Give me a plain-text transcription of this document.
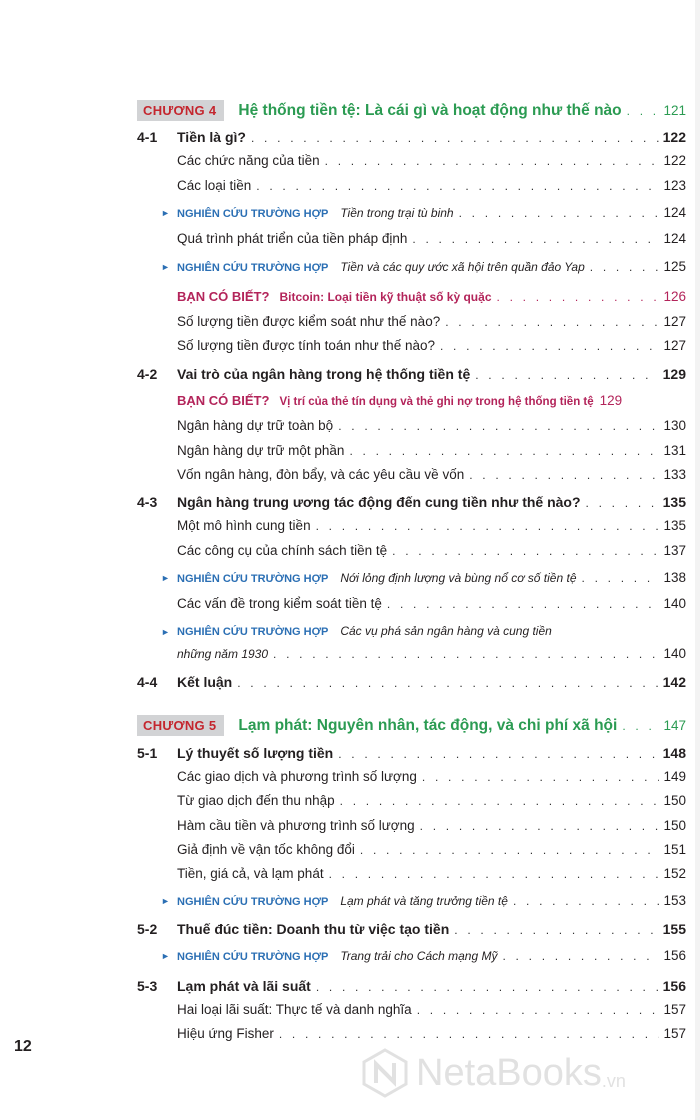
CHƯƠNG 4	Hệ thống tiền tệ: Là cái gì và hoạt động như thế nào . . .	121
4-1 Tiền là gì? . . .	122
Các chức năng của tiền . . .	122
Các loại tiền . . .	123
► NGHIÊN CỨU TRƯỜNG HỢP Tiền trong trại tù binh . . .	124
Quá trình phát triển của tiền pháp định . . .	124
► NGHIÊN CỨU TRƯỜNG HỢP Tiền và các quy ước xã hội trên quần đảo Yap . . .	125
BẠN CÓ BIẾT? Bitcoin: Loại tiền kỹ thuật số kỳ quặc . . .	126
Số lượng tiền được kiểm soát như thế nào? . . .	127
Số lượng tiền được tính toán như thế nào? . . .	127
4-2 Vai trò của ngân hàng trong hệ thống tiền tệ . . .	129
BẠN CÓ BIẾT? Vị trí của thẻ tín dụng và thẻ ghi nợ trong hệ thống tiền tệ 129
Ngân hàng dự trữ toàn bộ . . .	130
Ngân hàng dự trữ một phần . . .	131
Vốn ngân hàng, đòn bẩy, và các yêu cầu về vốn . . .	133
4-3 Ngân hàng trung ương tác động đến cung tiền như thế nào? . . .	135
Một mô hình cung tiền . . .	135
Các công cụ của chính sách tiền tệ . . .	137
► NGHIÊN CỨU TRƯỜNG HỢP Nới lỏng định lượng và bùng nổ cơ số tiền tệ . . .	138
Các vấn đề trong kiểm soát tiền tệ . . .	140
► NGHIÊN CỨU TRƯỜNG HỢP Các vụ phá sản ngân hàng và cung tiền
những năm 1930 . . .	140
4-4 Kết luận . . .	142
CHƯƠNG 5	Lạm phát: Nguyên nhân, tác động, và chi phí xã hội . . .	147
5-1 Lý thuyết số lượng tiền . . .	148
Các giao dịch và phương trình số lượng . . .	149
Từ giao dịch đến thu nhập . . .	150
Hàm cầu tiền và phương trình số lượng . . .	150
Giả định về vận tốc không đổi . . .	151
Tiền, giá cả, và lạm phát . . .	152
► NGHIÊN CỨU TRƯỜNG HỢP Lạm phát và tăng trưởng tiền tệ . . .	153
5-2 Thuế đúc tiền: Doanh thu từ việc tạo tiền . . .	155
► NGHIÊN CỨU TRƯỜNG HỢP Trang trải cho Cách mạng Mỹ . . .	156
5-3 Lạm phát và lãi suất . . .	156
Hai loại lãi suất: Thực tế và danh nghĩa . . .	157
Hiệu ứng Fisher . . .	157
12
NetaBooks .vn
